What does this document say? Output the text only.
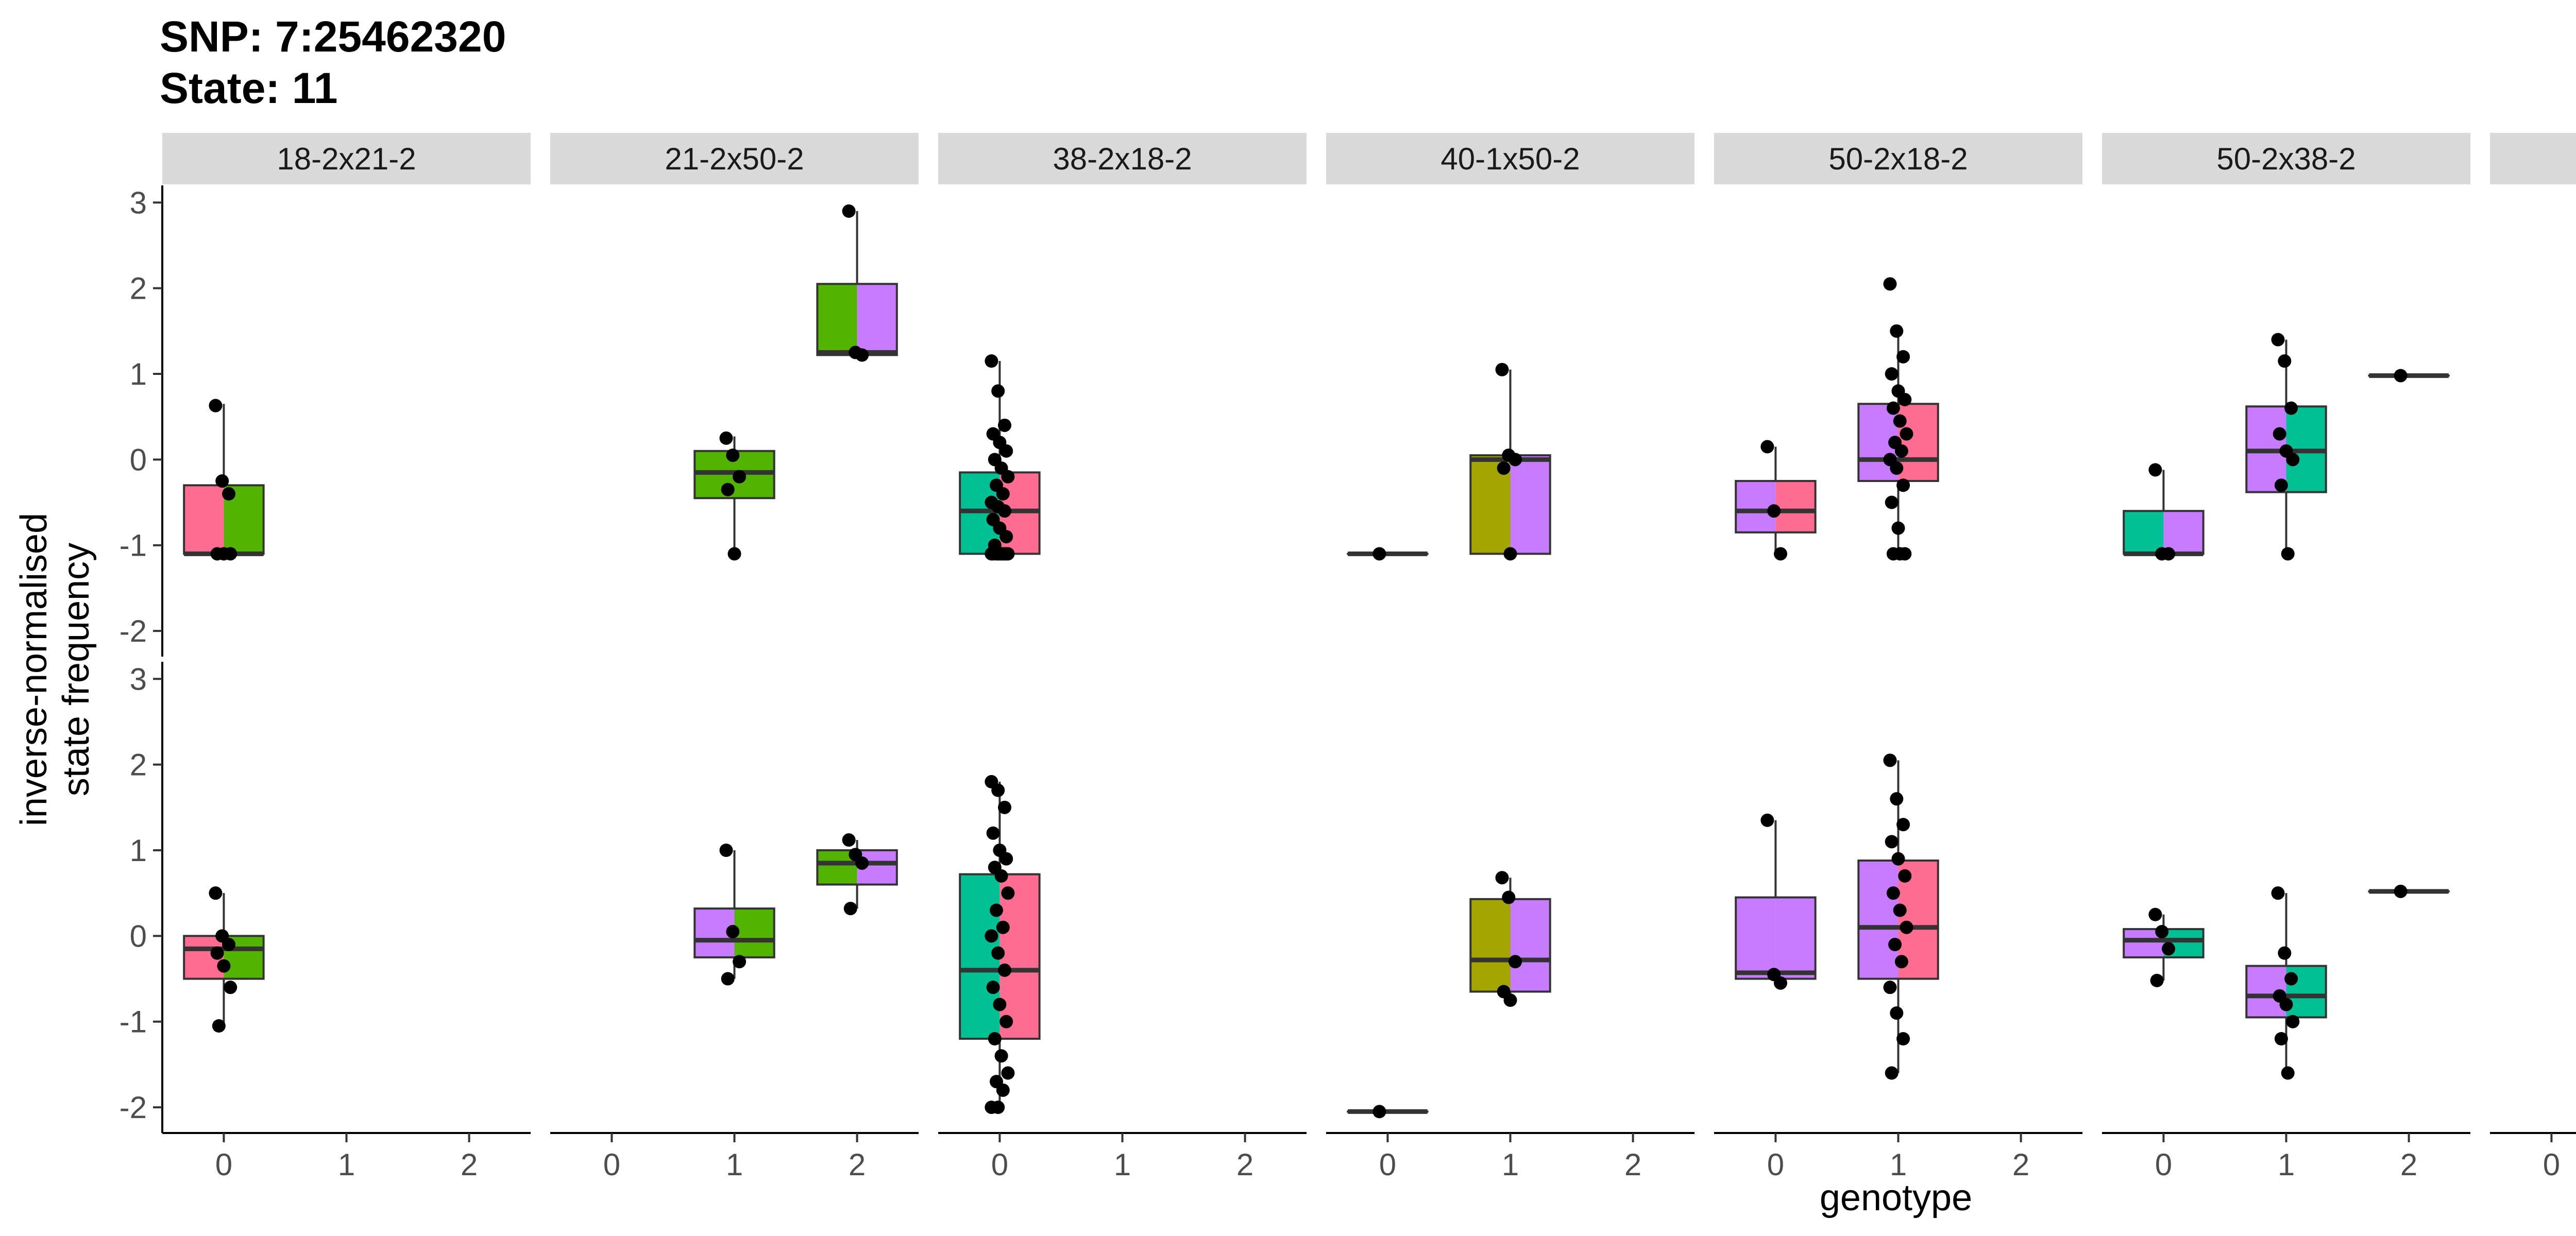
SNP: 7:25462320
State: 11
genotype
inverse-normalised state frequency
18-2x21-2	21-2x50-2	38-2x18-2	40-1x50-2	50-2x18-2	50-2x38-2
-2
-1
0
1
2
3
-2
-1
0
1
2
3
0	1	2	0	1	2	0	1	2	0	1	2	0	1	2	0	1	2	0
